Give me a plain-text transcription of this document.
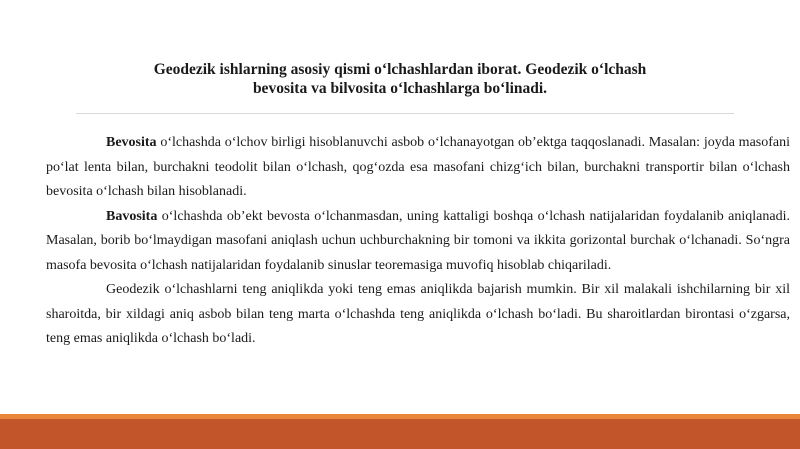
Geodezik ishlarning asosiy qismi o‘lchashlardan iborat. Geodezik o‘lchash
bevosita va bilvosita o‘lchashlarga bo‘linadi.

Bevosita o‘lchashda o‘lchov birligi hisoblanuvchi asbob o‘lchanayotgan ob’ektga taqqoslanadi. Masalan: joyda masofani po‘lat lenta bilan, burchakni teodolit bilan o‘lchash, qog‘ozda esa masofani chizg‘ich bilan, burchakni transportir bilan o‘lchash bevosita o‘lchash bilan hisoblanadi.

Bavosita o‘lchashda ob’ekt bevosta o‘lchanmasdan, uning kattaligi boshqa o‘lchash natijalaridan foydalanib aniqlanadi. Masalan, borib bo‘lmaydigan masofani aniqlash uchun uchburchakning bir tomoni va ikkita gorizontal burchak o‘lchanadi. So‘ngra masofa bevosita o‘lchash natijalaridan foydalanib sinuslar teoremasiga muvofiq hisoblab chiqariladi.

Geodezik o‘lchashlarni teng aniqlikda yoki teng emas aniqlikda bajarish mumkin. Bir xil malakali ishchilarning bir xil sharoitda, bir xildagi aniq asbob bilan teng marta o‘lchashda teng aniqlikda o‘lchash bo‘ladi. Bu sharoitlardan birontasi o‘zgarsa, teng emas aniqlikda o‘lchash bo‘ladi.
